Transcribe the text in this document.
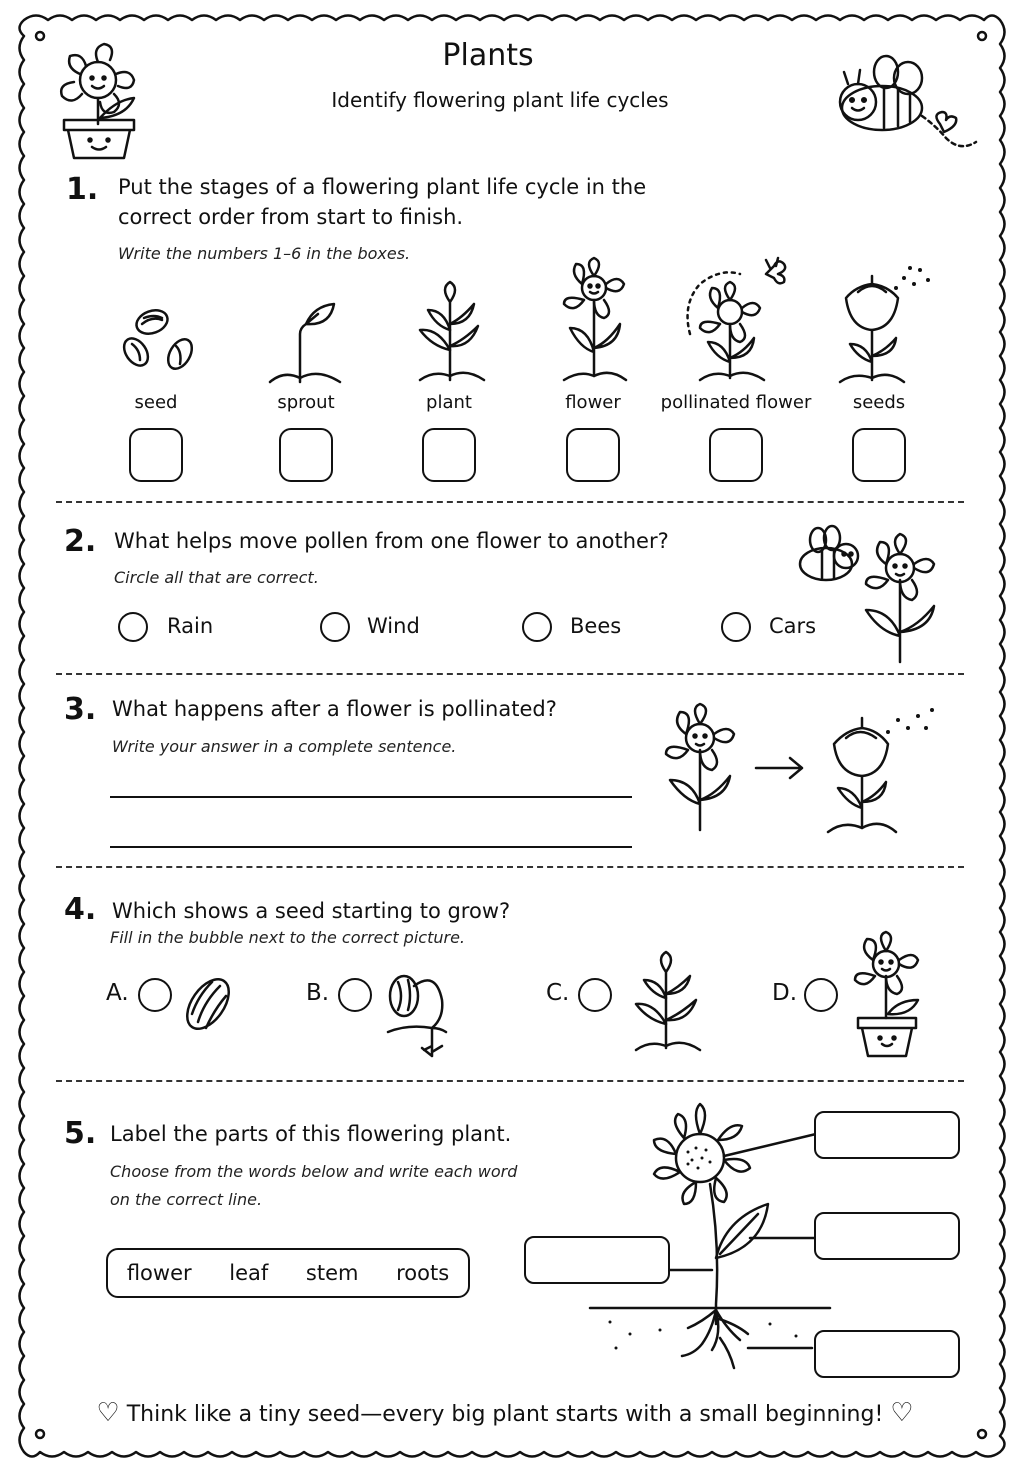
Plants
Identify flowering plant life cycles
1. Put the stages of a flowering plant life cycle in the
correct order from start to finish.
Write the numbers 1–6 in the boxes.
seed	sprout	plant	flower	pollinated flower	seeds
2. What helps move pollen from one flower to another?
Circle all that are correct.
Rain	Wind	Bees	Cars
3. What happens after a flower is pollinated?
Write your answer in a complete sentence.
4. Which shows a seed starting to grow?
Fill in the bubble next to the correct picture.
A.	B.	C.	D.
5. Label the parts of this flowering plant.
Choose from the words below and write each word
on the correct line.
flower leaf stem roots
♡ Think like a tiny seed—every big plant starts with a small beginning! ♡
